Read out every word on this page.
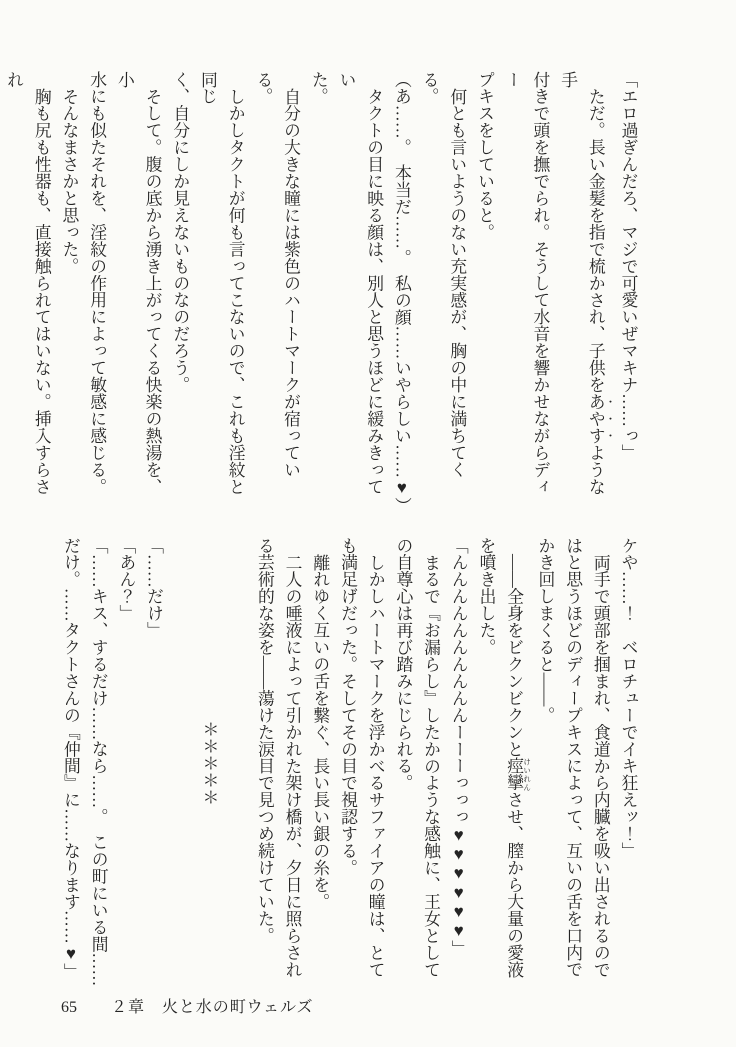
「エロ過ぎんだろ、マジで可愛いぜマキナ……っ」

ただ。長い金髪を指で梳かされ、子供をあやすような手

付きで頭を撫でられ。そうして水音を響かせながらディー

プキスをしていると。

何とも言いようのない充実感が、胸の中に満ちてくる。

（あ……。　本当だ……。　私の顔……いやらしい……♥）

タクトの目に映る顔は、別人と思うほどに緩みきってい

た。

自分の大きな瞳には紫色のハートマークが宿っている。

しかしタクトが何も言ってこないので、これも淫紋と同じ

く、自分にしか見えないものなのだろう。

そして。腹の底から湧き上がってくる快楽の熱湯を、小

水にも似たそれを、淫紋の作用によって敏感に感じる。

そんなまさかと思った。

胸も尻も性器も、直接触られてはいない。挿入すらされ

ケや……！　ベロチューでイキ狂えッ！」

両手で頭部を掴まれ、食道から内臓を吸い出されるので

はと思うほどのディープキスによって、互いの舌を口内で

かき回しまくると——。

——全身をビクンビクンと痙攣 けいれんさせ、膣から大量の愛液

を噴き出した。

「んんんんんんんんんんーーーっっっ♥♥♥♥♥♥」

まるで『お漏らし』したかのような感触に、王女として

の自尊心は再び踏みにじられる。

しかしハートマークを浮かべるサファイアの瞳は、とて

も満足げだった。そしてその目で視認する。

離れゆく互いの舌を繋ぐ、長い長い銀の糸を。

二人の唾液によって引かれた架け橋が、夕日に照らされ

る芸術的な姿を——蕩けた涙目で見つめ続けていた。

＊＊＊＊＊

「……だけ」

「あん？」

「……キス、するだけ……なら……。　この町にいる間……

だけ。……タクトさんの『仲間』に……なります……♥」

65 ２章　火と水の町ウェルズ
